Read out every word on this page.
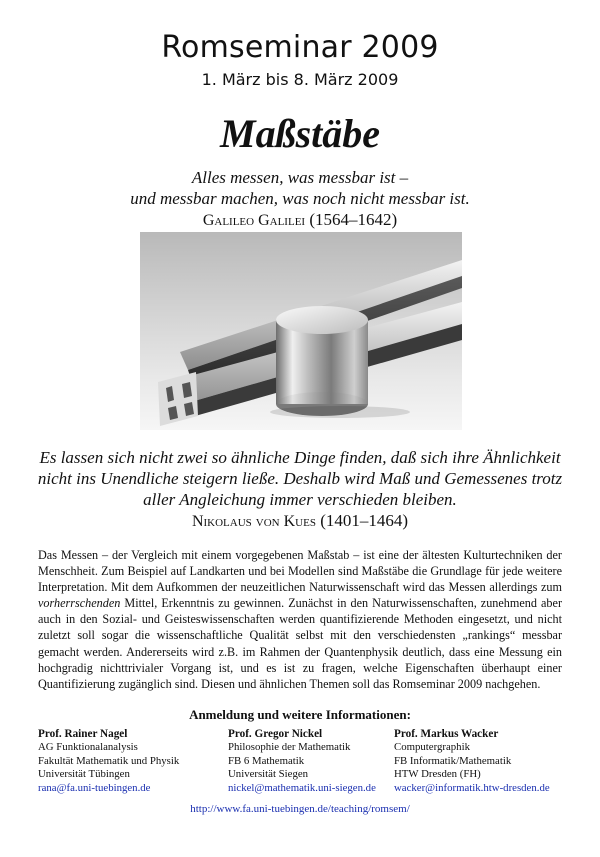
Romseminar 2009
1. März bis 8. März 2009
Maßstäbe
Alles messen, was messbar ist –
und messbar machen, was noch nicht messbar ist.
Galileo Galilei (1564–1642)
Es lassen sich nicht zwei so ähnliche Dinge finden, daß sich ihre Ähnlichkeit
nicht ins Unendliche steigern ließe. Deshalb wird Maß und Gemessenes trotz
aller Angleichung immer verschieden bleiben.
Nikolaus von Kues (1401–1464)
Das Messen – der Vergleich mit einem vorgegebenen Maßstab – ist eine der ältesten Kulturtechniken der Menschheit. Zum Beispiel auf Landkarten und bei Modellen sind Maßstäbe die Grundlage für jede weitere Interpretation. Mit dem Aufkommen der neuzeitlichen Naturwissenschaft wird das Messen allerdings zum vorherrschenden Mittel, Erkenntnis zu gewinnen. Zunächst in den Naturwissenschaften, zunehmend aber auch in den Sozial- und Geisteswissenschaften werden quantifizierende Methoden eingesetzt, und nicht zuletzt soll sogar die wissenschaftliche Qualität selbst mit den verschiedensten „rankings“ messbar gemacht werden. Andererseits wird z.B. im Rahmen der Quantenphysik deutlich, dass eine Messung ein hochgradig nichttrivialer Vorgang ist, und es ist zu fragen, welche Eigenschaften überhaupt einer Quantifizierung zugänglich sind. Diesen und ähnlichen Themen soll das Romseminar 2009 nachgehen.
Anmeldung und weitere Informationen:
Prof. Rainer Nagel
AG Funktionalanalysis
Fakultät Mathematik und Physik
Universität Tübingen
rana@fa.uni-tuebingen.de
Prof. Gregor Nickel
Philosophie der Mathematik
FB 6 Mathematik
Universität Siegen
nickel@mathematik.uni-siegen.de
Prof. Markus Wacker
Computergraphik
FB Informatik/Mathematik
HTW Dresden (FH)
wacker@informatik.htw-dresden.de
http://www.fa.uni-tuebingen.de/teaching/romsem/
